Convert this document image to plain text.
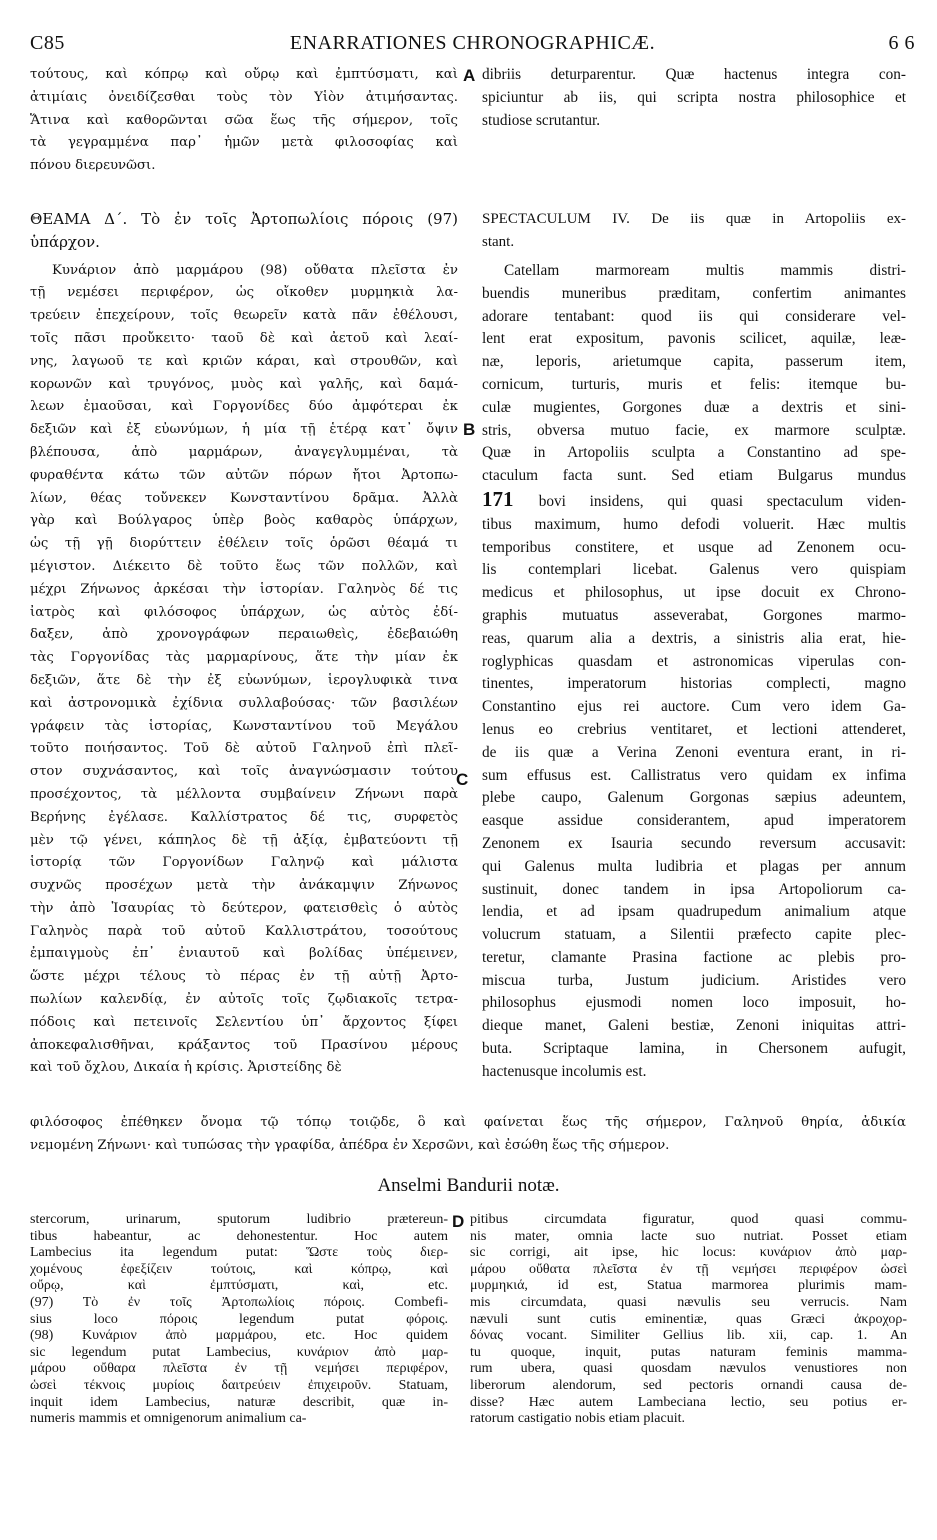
C85	ENARRATIONES CHRONOGRAPHICÆ.	6 6
τούτους, καὶ κόπρῳ καὶ οὔρῳ καὶ ἐμπτύσματι, καὶ
ἀτιμίαις ὀνειδίζεσθαι τοὺς τὸν Υἱὸν ἀτιμήσαντας.
Ἅτινα καὶ καθορῶνται σῶα ἕως τῆς σήμερον, τοῖς
τὰ γεγραμμένα παρ᾽ ἡμῶν μετὰ φιλοσοφίας καὶ
πόνου διερευνῶσι.
ΘΕΑΜΑ Δ΄. Τὸ ἐν τοῖς Ἀρτοπωλίοις πόροις (97)
ὑπάρχον.
Κυνάριον ἀπὸ μαρμάρου (98) οὔθατα πλεῖστα ἐν
τῇ νεμέσει περιφέρον, ὡς οἴκοθεν μυρμηκιὰ λα-
τρεύειν ἐπεχείρουν, τοῖς θεωρεῖν κατὰ πᾶν ἐθέλουσι,
τοῖς πᾶσι προὔκειτο· ταοῦ δὲ καὶ ἀετοῦ καὶ λεαί-
νης, λαγωοῦ τε καὶ κριῶν κάραι, καὶ στρουθῶν, καὶ
κορωνῶν καὶ τρυγόνος, μυὸς καὶ γαλῆς, καὶ δαμά-
λεων ἐμαοῦσαι, καὶ Γοργονίδες δύο ἀμφότεραι ἐκ
δεξιῶν καὶ ἐξ εὐωνύμων, ἡ μία τῇ ἑτέρᾳ κατ᾽ ὄψιν
βλέπουσα, ἀπὸ μαρμάρων, ἀναγεγλυμμέναι, τὰ
φυραθέντα κάτω τῶν αὐτῶν πόρων ἤτοι Ἀρτοπω-
λίων, θέας τοὔνεκεν Κωνσταντίνου δρᾶμα. Ἀλλὰ
γὰρ καὶ Βούλγαρος ὑπὲρ βοὸς καθαρὸς ὑπάρχων,
ὡς τῇ γῇ διορύττειν ἐθέλειν τοῖς ὁρῶσι θέαμά τι
μέγιστον. Διέκειτο δὲ τοῦτο ἕως τῶν πολλῶν, καὶ
μέχρι Ζήνωνος ἀρκέσαι τὴν ἱστορίαν. Γαληνὸς δέ τις
ἰατρὸς καὶ φιλόσοφος ὑπάρχων, ὡς αὐτὸς ἐδί-
δαξεν, ἀπὸ χρονογράφων περαιωθεὶς, ἐδεβαιώθη
τὰς Γοργονίδας τὰς μαρμαρίνους, ἅτε τὴν μίαν ἐκ
δεξιῶν, ἅτε δὲ τὴν ἐξ εὐωνύμων, ἱερογλυφικὰ τινα
καὶ ἀστρονομικὰ ἐχίδνια συλλαβούσας· τῶν βασιλέων
γράφειν τὰς ἱστορίας, Κωνσταντίνου τοῦ Μεγάλου
τοῦτο ποιήσαντος. Τοῦ δὲ αὐτοῦ Γαληνοῦ ἐπὶ πλεῖ-
στον συχνάσαντος, καὶ τοῖς ἀναγνώσμασιν τούτου
προσέχοντος, τὰ μέλλοντα συμβαίνειν Ζήνωνι παρὰ
Βερήνης ἐγέλασε. Καλλίστρατος δέ τις, συρφετὸς
μὲν τῷ γένει, κάπηλος δὲ τῇ ἀξίᾳ, ἐμβατεύοντι τῇ
ἱστορίᾳ τῶν Γοργονίδων Γαληνῷ καὶ μάλιστα
συχνῶς προσέχων μετὰ τὴν ἀνάκαμψιν Ζήνωνος
τὴν ἀπὸ Ἰσαυρίας τὸ δεύτερον, φατεισθεὶς ὁ αὐτὸς
Γαληνὸς παρὰ τοῦ αὐτοῦ Καλλιστράτου, τοσούτους
ἐμπαιγμοὺς ἐπ᾽ ἐνιαυτοῦ καὶ βολίδας ὑπέμεινεν,
ὥστε μέχρι τέλους τὸ πέρας ἐν τῇ αὐτῇ Ἀρτο-
πωλίων καλενδίᾳ, ἐν αὐτοῖς τοῖς ζῳδιακοῖς τετρα-
πόδοις καὶ πετεινοῖς Σελεντίου ὑπ᾽ ἄρχοντος ξίφει
ἀποκεφαλισθῆναι, κράξαντος τοῦ Πρασίνου μέρους
καὶ τοῦ ὄχλου, Δικαία ἡ κρίσις. Ἀριστείδης δὲ
A
B
C
dibriis deturparentur. Quæ hactenus integra con-
spiciuntur ab iis, qui scripta nostra philosophice et
studiose scrutantur.
SPECTACULUM IV. De iis quæ in Artopoliis ex-
stant.
Catellam marmoream multis mammis distri-
buendis muneribus præditam, confertim animantes
adorare tentabant: quod iis qui considerare vel-
lent erat expositum, pavonis scilicet, aquilæ, leæ-
næ, leporis, arietumque capita, passerum item,
cornicum, turturis, muris et felis: itemque bu-
culæ mugientes, Gorgones duæ a dextris et sini-
stris, obversa mutuo facie, ex marmore sculptæ.
Quæ in Artopoliis sculpta a Constantino ad spe-
ctaculum facta sunt. Sed etiam Bulgarus mundus
171 bovi insidens, qui quasi spectaculum viden-
tibus maximum, humo defodi voluerit. Hæc multis
temporibus constitere, et usque ad Zenonem ocu-
lis contemplari licebat. Galenus vero quispiam
medicus et philosophus, ut ipse docuit ex Chrono-
graphis mutuatus asseverabat, Gorgones marmo-
reas, quarum alia a dextris, a sinistris alia erat, hie-
roglyphicas quasdam et astronomicas viperulas con-
tinentes, imperatorum historias complecti, magno
Constantino ejus rei auctore. Cum vero idem Ga-
lenus eo crebrius ventitaret, et lectioni attenderet,
de iis quæ a Verina Zenoni eventura erant, in ri-
sum effusus est. Callistratus vero quidam ex infima
plebe caupo, Galenum Gorgonas sæpius adeuntem,
easque assidue considerantem, apud imperatorem
Zenonem ex Isauria secundo reversum accusavit:
qui Galenus multa ludibria et plagas per annum
sustinuit, donec tandem in ipsa Artopoliorum ca-
lendia, et ad ipsam quadrupedum animalium atque
volucrum statuam, a Silentii præfecto capite plec-
teretur, clamante Prasina factione ac plebis pro-
miscua turba, Justum judicium. Aristides vero
philosophus ejusmodi nomen loco imposuit, ho-
dieque manet, Galeni bestiæ, Zenoni iniquitas attri-
buta. Scriptaque lamina, in Chersonem aufugit,
hactenusque incolumis est.
φιλόσοφος ἐπέθηκεν ὄνομα τῷ τόπῳ τοιῷδε, ὃ καὶ φαίνεται ἕως τῆς σήμερον, Γαληνοῦ θηρία, ἀδικία
νεμομένη Ζήνωνι· καὶ τυπώσας τὴν γραφίδα, ἀπέδρα ἐν Χερσῶνι, καὶ ἐσώθη ἕως τῆς σήμερον.
Anselmi Bandurii notæ.
D
stercorum, urinarum, sputorum ludibrio prætereun-
tibus habeantur, ac dehonestentur. Hoc autem
Lambecius ita legendum putat: Ὥστε τοὺς διερ-
χομένους ἐφεξίζειν τούτοις, καὶ κόπρῳ, καὶ
οὔρῳ, καὶ ἐμπτύσματι, καὶ, etc.
(97) Τὸ ἐν τοῖς Ἀρτοπωλίοις πόροις. Combefi-
sius loco πόροις legendum putat φόροις.
(98) Κυνάριον ἀπὸ μαρμάρου, etc. Hoc quidem
sic legendum putat Lambecius, κυνάριον ἀπὸ μαρ-
μάρου οὔθαρα πλεῖστα ἐν τῇ νεμήσει περιφέρον,
ὡσεὶ τέκνοις μυρίοις δαιτρεύειν ἐπιχειροῦν. Statuam,
inquit idem Lambecius, naturæ describit, quæ in-
numeris mammis et omnigenorum animalium ca-
pitibus circumdata figuratur, quod quasi commu-
nis mater, omnia lacte suo nutriat. Posset etiam
sic corrigi, ait ipse, hic locus: κυνάριον ἀπὸ μαρ-
μάρου οὔθατα πλεῖστα ἐν τῇ νεμήσει περιφέρον ὡσεὶ
μυρμηκιά, id est, Statua marmorea plurimis mam-
mis circumdata, quasi nævulis seu verrucis. Nam
nævuli sunt cutis eminentiæ, quas Græci ἀκροχορ-
δόνας vocant. Similiter Gellius lib. xii, cap. 1. An
tu quoque, inquit, putas naturam feminis mamma-
rum ubera, quasi quosdam nævulos venustiores non
liberorum alendorum, sed pectoris ornandi causa de-
disse? Hæc autem Lambeciana lectio, seu potius er-
ratorum castigatio nobis etiam placuit.
